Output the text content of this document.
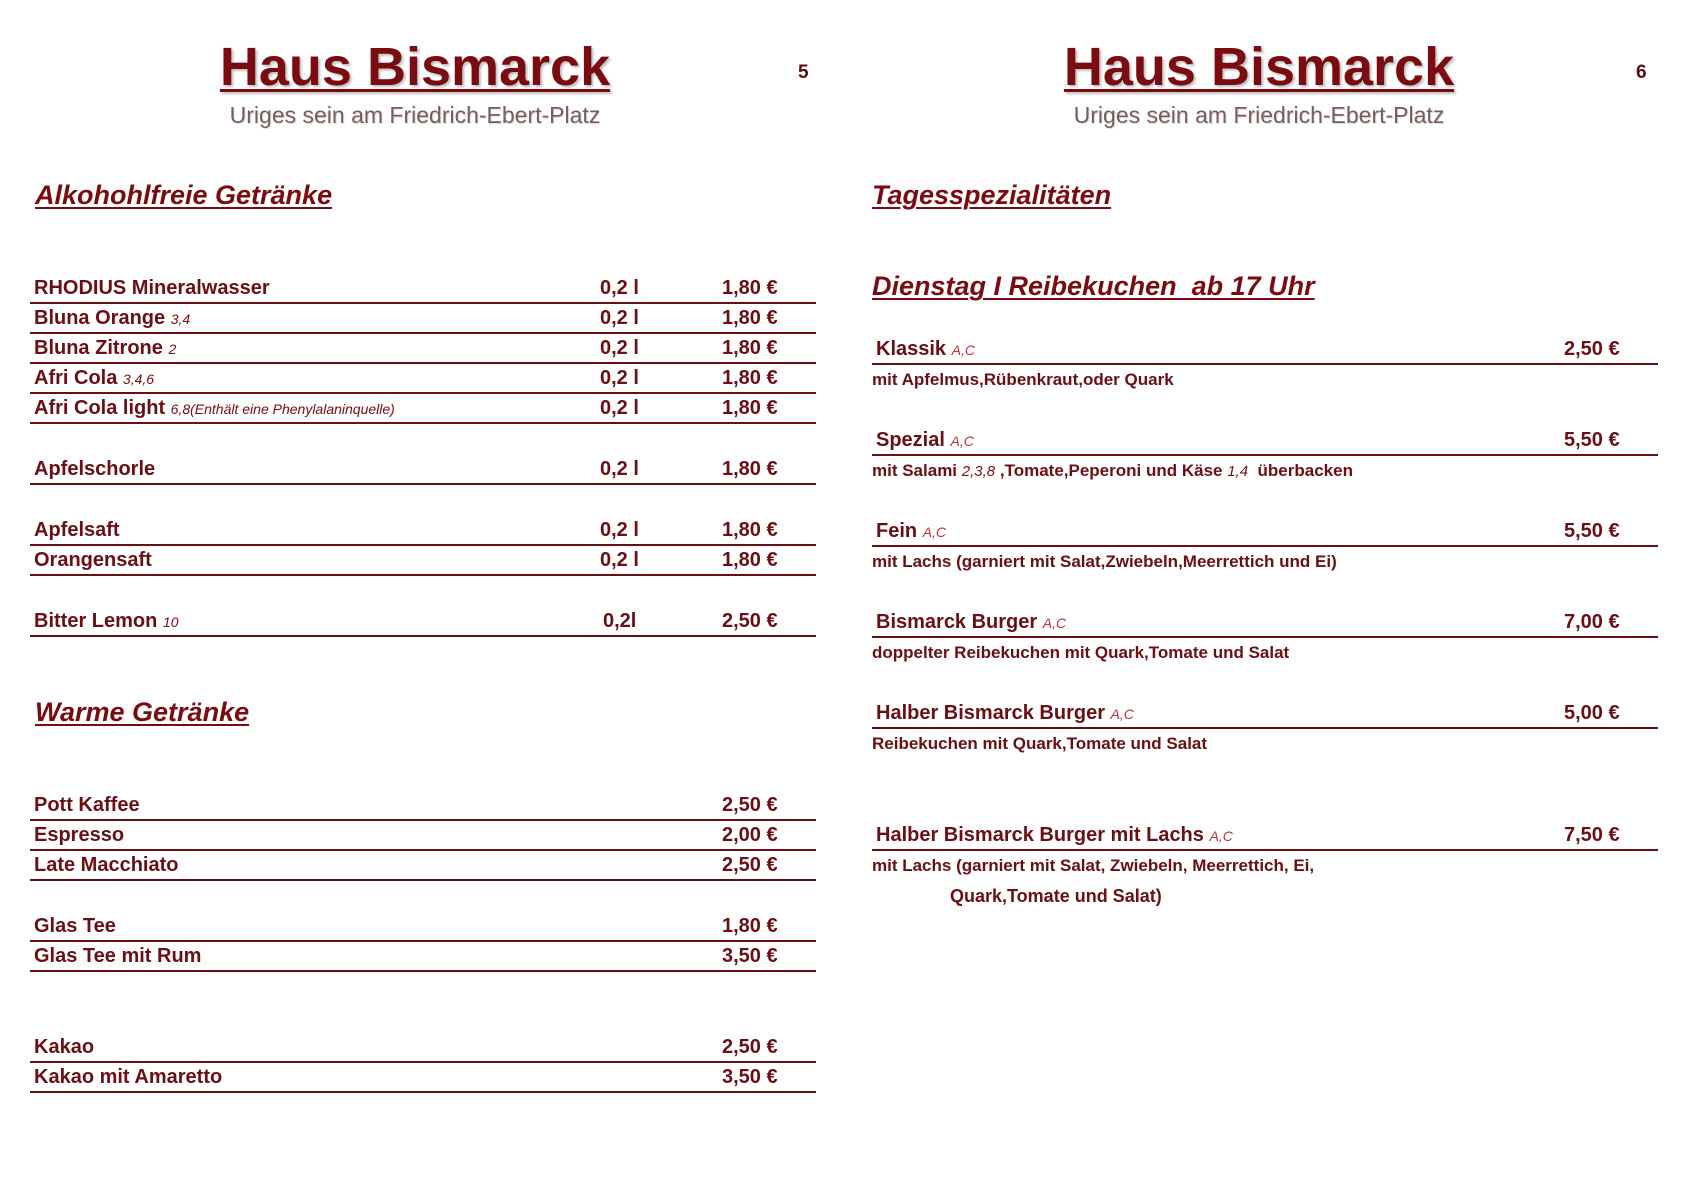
Haus Bismarck
Uriges sein am Friedrich-Ebert-Platz
5
Alkohohlfreie Getränke
RHODIUS Mineralwasser	0,2 l	1,80 €
Bluna Orange 3,4	0,2 l	1,80 €
Bluna Zitrone 2	0,2 l	1,80 €
Afri Cola 3,4,6	0,2 l	1,80 €
Afri Cola light 6,8(Enthält eine Phenylalaninquelle)	0,2 l	1,80 €
Apfelschorle	0,2 l	1,80 €
Apfelsaft	0,2 l	1,80 €
Orangensaft	0,2 l	1,80 €
Bitter Lemon 10	0,2l	2,50 €
Warme Getränke
Pott Kaffee	2,50 €
Espresso	2,00 €
Late Macchiato	2,50 €
Glas Tee	1,80 €
Glas Tee mit Rum	3,50 €
Kakao	2,50 €
Kakao mit Amaretto	3,50 €
Haus Bismarck
Uriges sein am Friedrich-Ebert-Platz
6
Tagesspezialitäten
Dienstag I Reibekuchen  ab 17 Uhr
Klassik A,C	2,50 €
mit Apfelmus,Rübenkraut,oder Quark
Spezial A,C	5,50 €
mit Salami 2,3,8 ,Tomate,Peperoni und Käse 1,4  überbacken
Fein A,C	5,50 €
mit Lachs (garniert mit Salat,Zwiebeln,Meerrettich und Ei)
Bismarck Burger A,C	7,00 €
doppelter Reibekuchen mit Quark,Tomate und Salat
Halber Bismarck Burger A,C	5,00 €
Reibekuchen mit Quark,Tomate und Salat
Halber Bismarck Burger mit Lachs A,C	7,50 €
mit Lachs (garniert mit Salat, Zwiebeln, Meerrettich, Ei,
Quark,Tomate und Salat)
